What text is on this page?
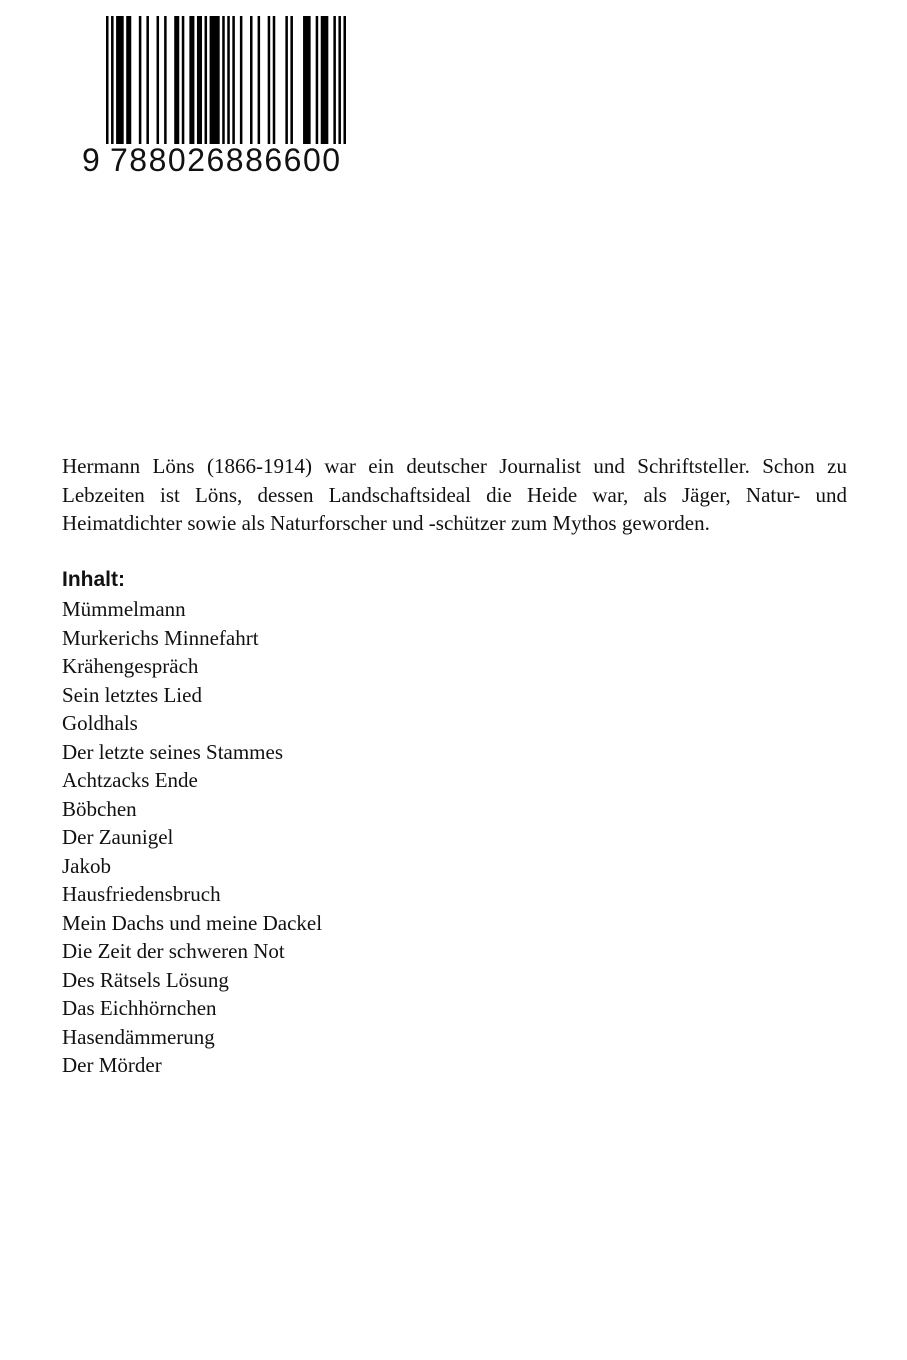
9 788026886600

Hermann Löns (1866-1914) war ein deutscher Journalist und Schriftsteller. Schon zu Lebzeiten ist Löns, dessen Landschaftsideal die Heide war, als Jäger, Natur- und Heimatdichter sowie als Naturforscher und -schützer zum Mythos geworden.

Inhalt:
Mümmelmann
Murkerichs Minnefahrt
Krähengespräch
Sein letztes Lied
Goldhals
Der letzte seines Stammes
Achtzacks Ende
Böbchen
Der Zaunigel
Jakob
Hausfriedensbruch
Mein Dachs und meine Dackel
Die Zeit der schweren Not
Des Rätsels Lösung
Das Eichhörnchen
Hasendämmerung
Der Mörder
